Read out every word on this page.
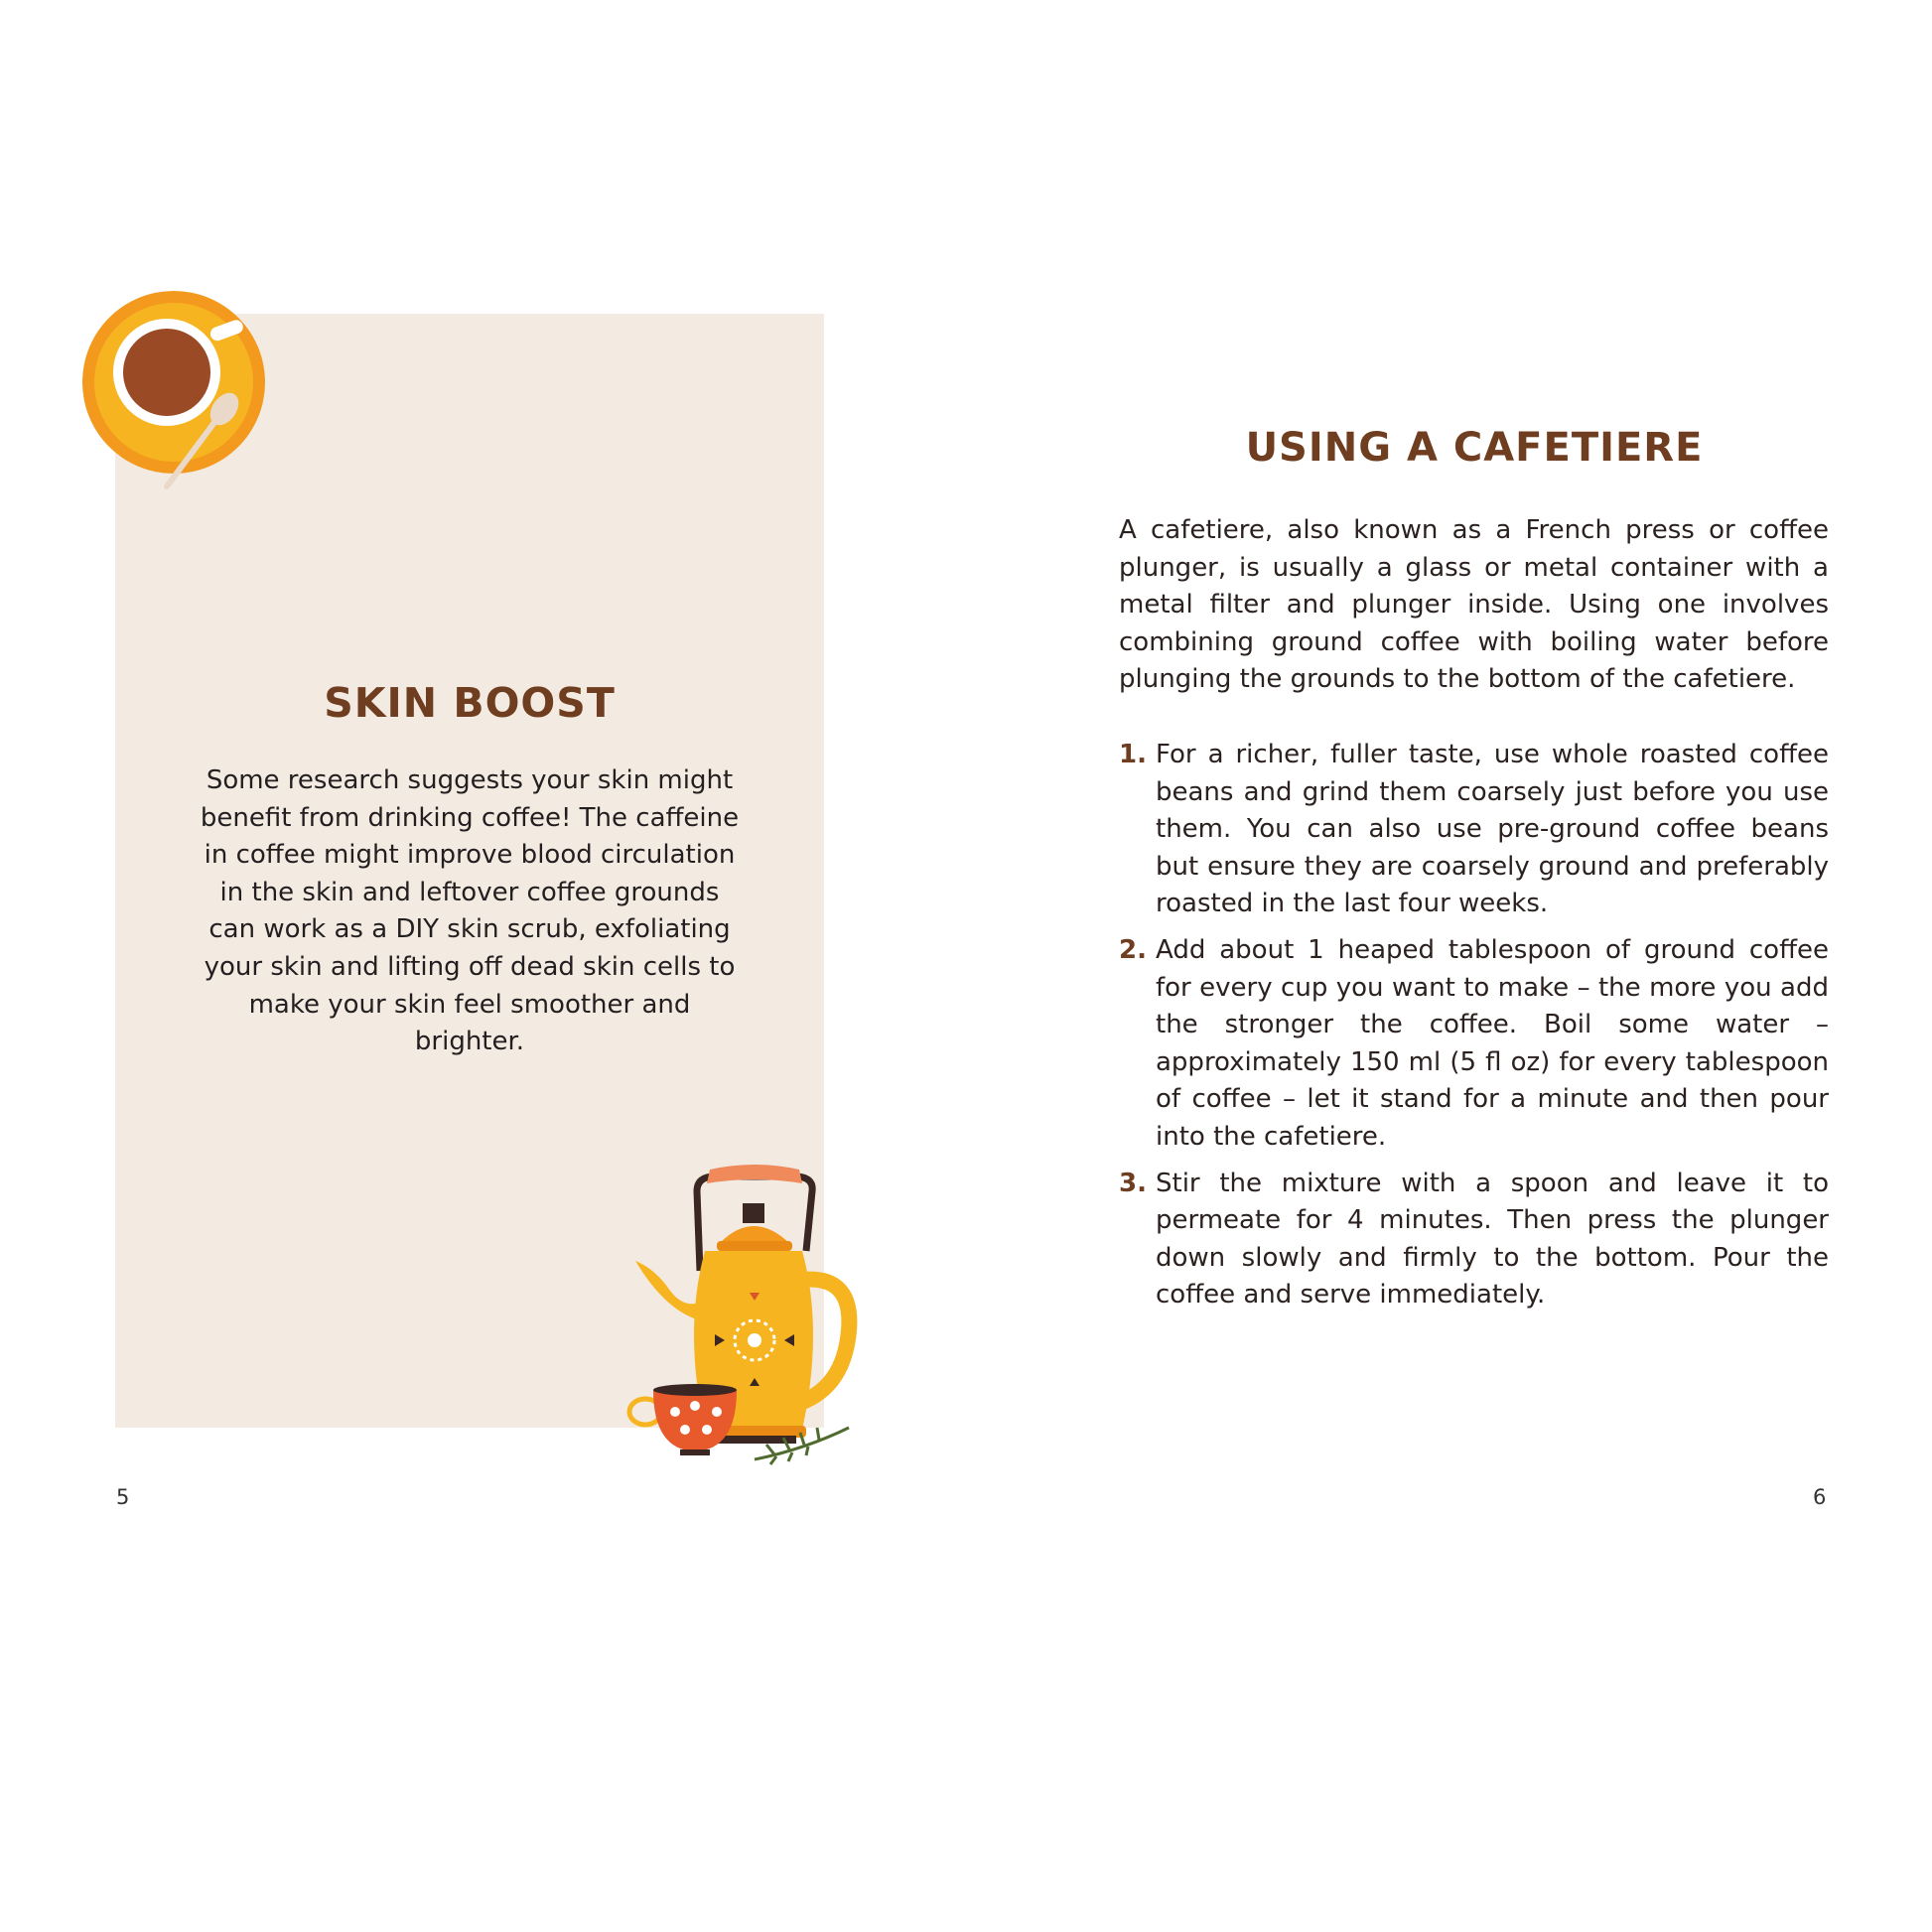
SKIN BOOST

Some research suggests your skin might benefit from drinking coffee! The caffeine in coffee might improve blood circulation in the skin and leftover coffee grounds can work as a DIY skin scrub, exfoliating your skin and lifting off dead skin cells to make your skin feel smoother and brighter.

5
USING A CAFETIERE

A cafetiere, also known as a French press or coffee plunger, is usually a glass or metal container with a metal filter and plunger inside. Using one involves combining ground coffee with boiling water before plunging the grounds to the bottom of the cafetiere.

1. For a richer, fuller taste, use whole roasted coffee beans and grind them coarsely just before you use them. You can also use pre-ground coffee beans but ensure they are coarsely ground and preferably roasted in the last four weeks.
2. Add about 1 heaped tablespoon of ground coffee for every cup you want to make – the more you add the stronger the coffee. Boil some water – approximately 150 ml (5 fl oz) for every tablespoon of coffee – let it stand for a minute and then pour into the cafetiere.
3. Stir the mixture with a spoon and leave it to permeate for 4 minutes. Then press the plunger down slowly and firmly to the bottom. Pour the coffee and serve immediately.
6
